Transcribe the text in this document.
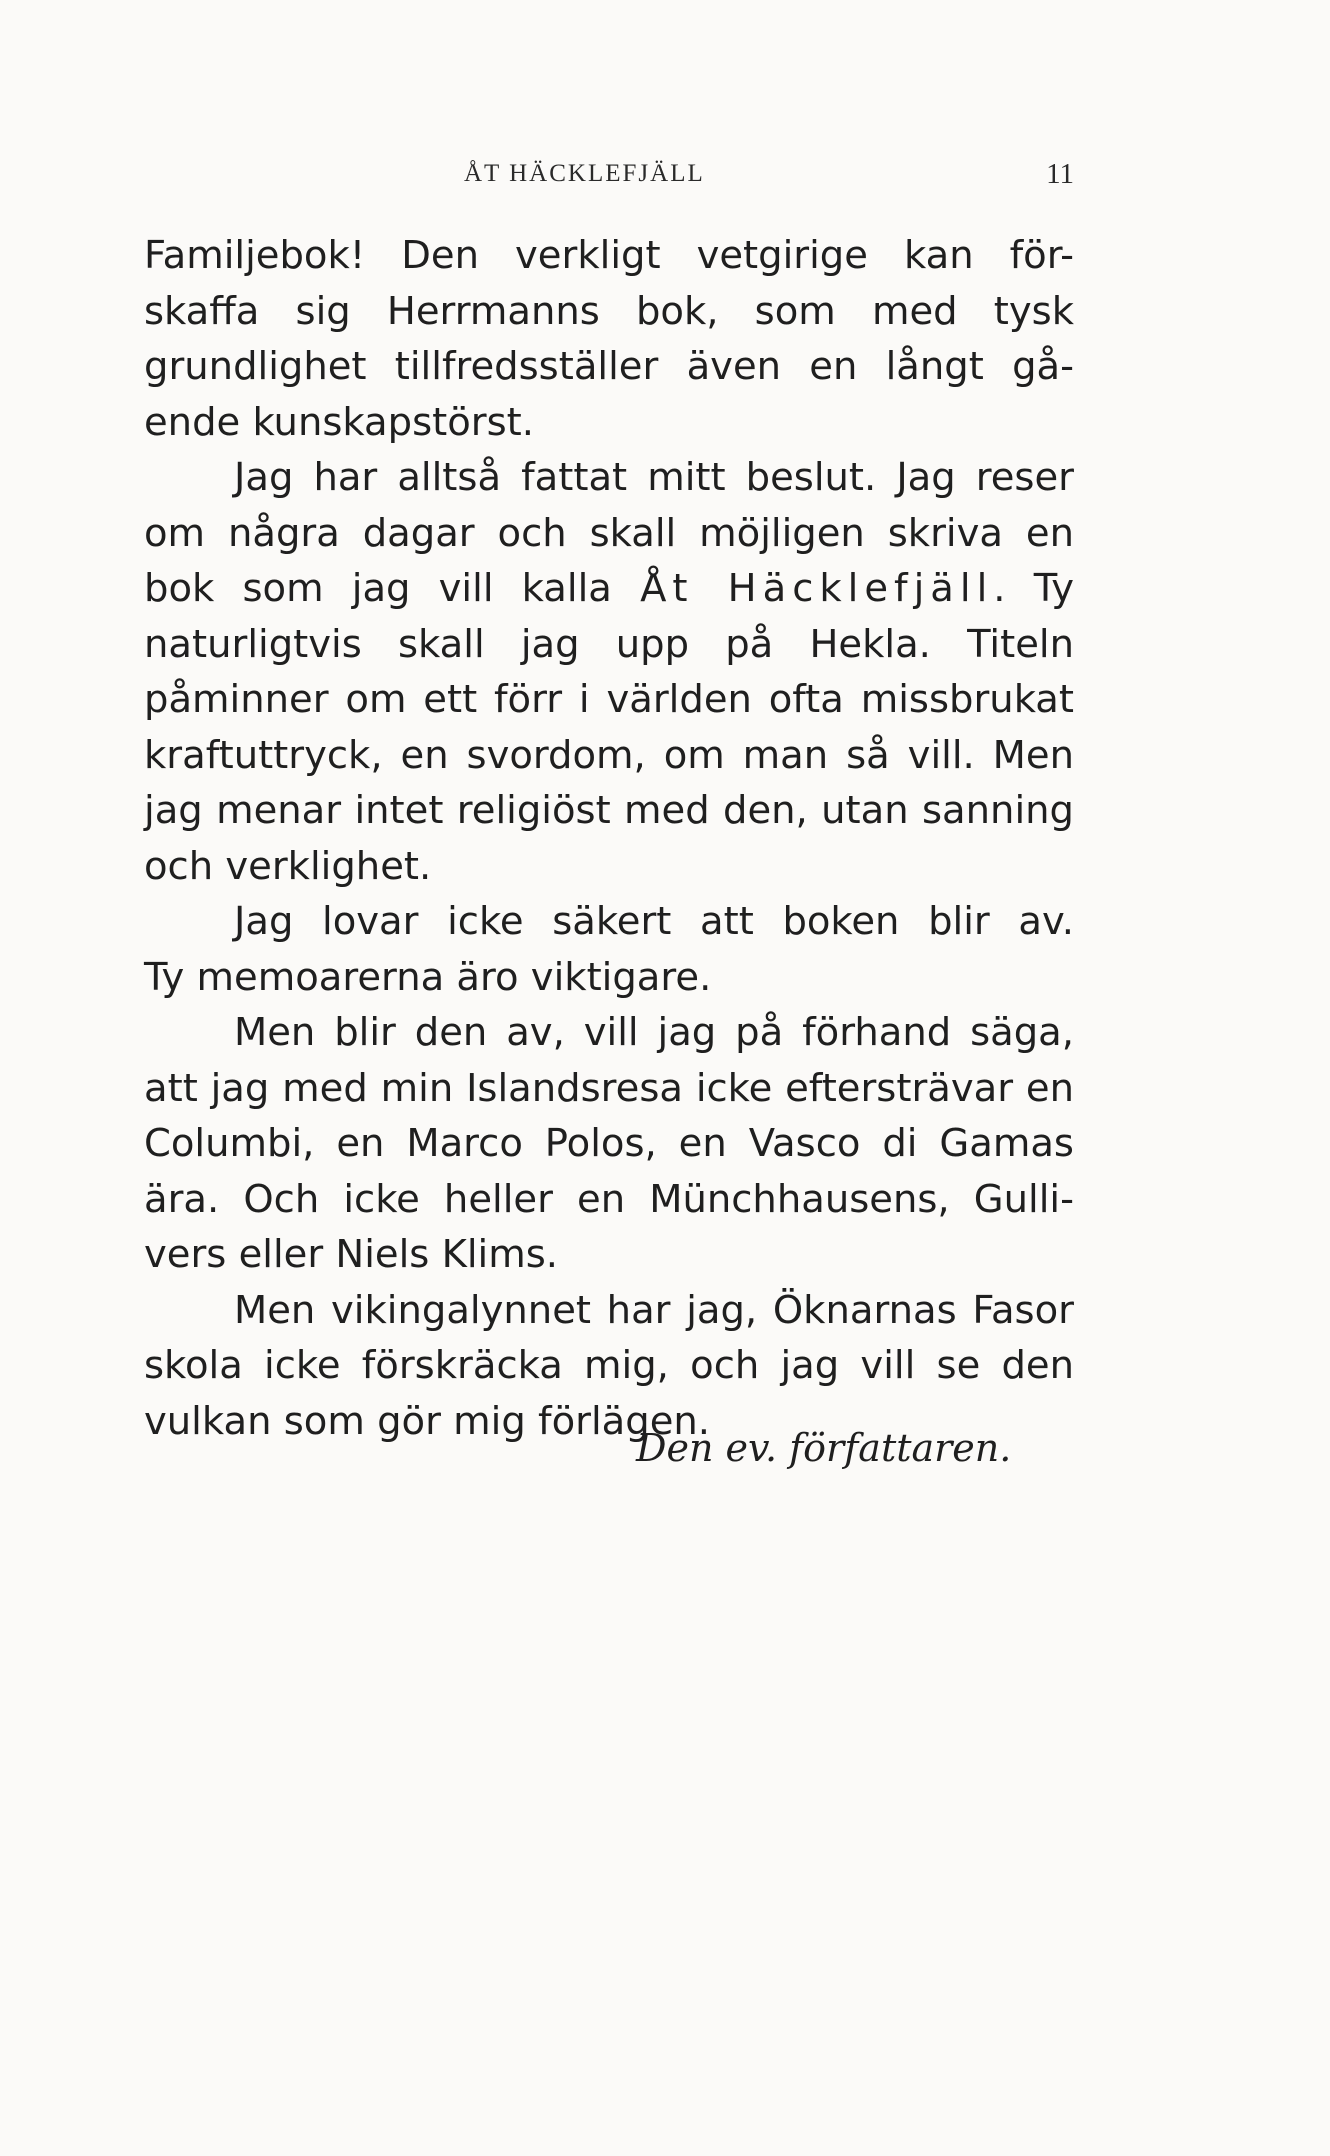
ÅT HÄCKLEFJÄLL	11
Familjebok! Den verkligt vetgirige kan för-
skaffa sig Herrmanns bok, som med tysk
grundlighet tillfredsställer även en långt gå-
ende kunskapstörst.
Jag har alltså fattat mitt beslut. Jag reser
om några dagar och skall möjligen skriva en
bok som jag vill kalla Åt Häcklefjäll. Ty
naturligtvis skall jag upp på Hekla. Titeln
påminner om ett förr i världen ofta missbrukat
kraftuttryck, en svordom, om man så vill. Men
jag menar intet religiöst med den, utan sanning
och verklighet.
Jag lovar icke säkert att boken blir av.
Ty memoarerna äro viktigare.
Men blir den av, vill jag på förhand säga,
att jag med min Islandsresa icke eftersträvar en
Columbi, en Marco Polos, en Vasco di Gamas
ära. Och icke heller en Münchhausens, Gulli-
vers eller Niels Klims.
Men vikingalynnet har jag, Öknarnas Fasor
skola icke förskräcka mig, och jag vill se den
vulkan som gör mig förlägen.
Den ev. författaren.
